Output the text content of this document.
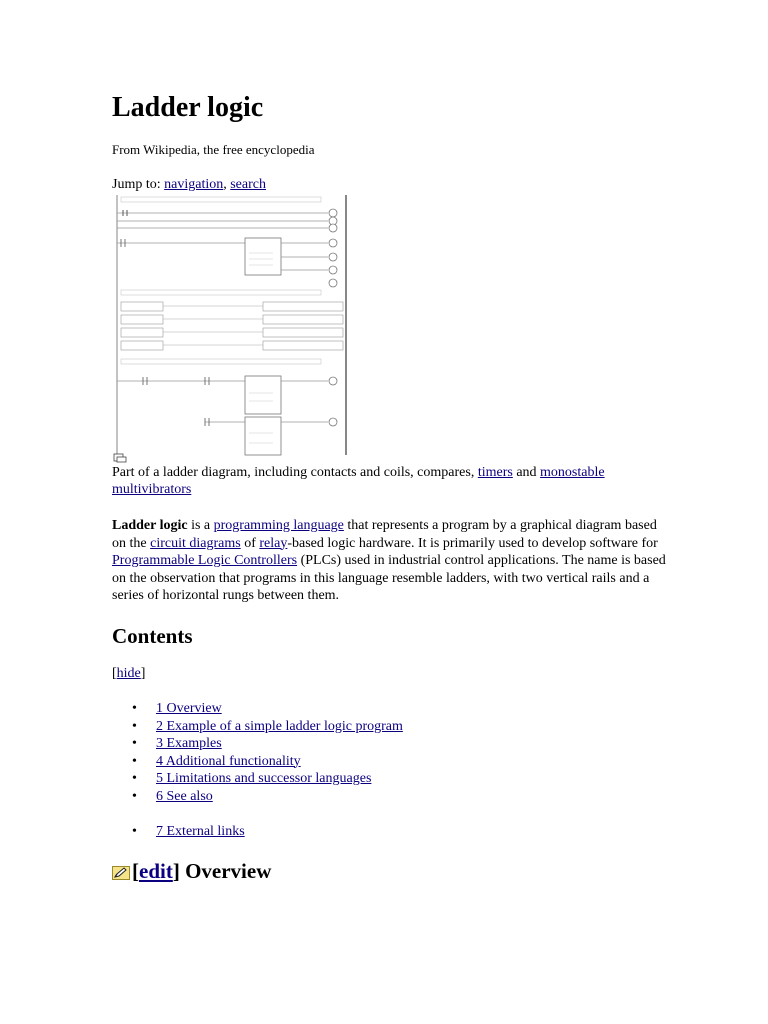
Ladder logic
From Wikipedia, the free encyclopedia
Jump to: navigation, search
Part of a ladder diagram, including contacts and coils, compares, timers and monostable multivibrators
Ladder logic is a programming language that represents a program by a graphical diagram based on the circuit diagrams of relay-based logic hardware. It is primarily used to develop software for Programmable Logic Controllers (PLCs) used in industrial control applications. The name is based on the observation that programs in this language resemble ladders, with two vertical rails and a series of horizontal rungs between them.
Contents
[hide]
• 1 Overview
• 2 Example of a simple ladder logic program
• 3 Examples
• 4 Additional functionality
• 5 Limitations and successor languages
• 6 See also
• 7 External links
[edit] Overview
